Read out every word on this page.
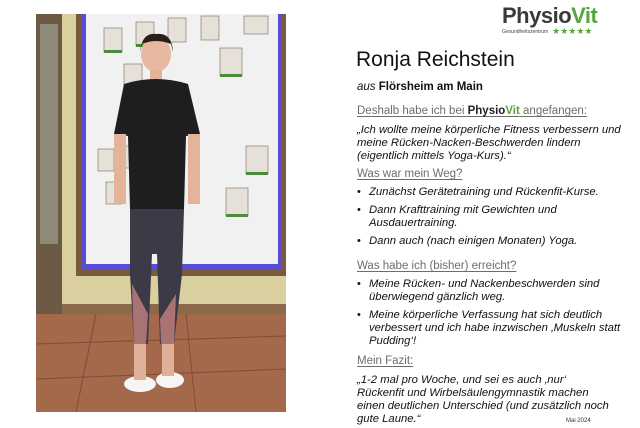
PhysioVit
Gesundheitszentrum ★★★★★
Ronja Reichstein
aus Flörsheim am Main
Deshalb habe ich bei PhysioVit angefangen:
„Ich wollte meine körperliche Fitness verbessern und meine Rücken-Nacken-Beschwerden lindern (eigentlich mittels Yoga-Kurs).“
Was war mein Weg?
• Zunächst Gerätetraining und Rückenfit-Kurse.
• Dann Krafttraining mit Gewichten und Ausdauertraining.
• Dann auch (nach einigen Monaten) Yoga.
Was habe ich (bisher) erreicht?
• Meine Rücken- und Nackenbeschwerden sind überwiegend gänzlich weg.
• Meine körperliche Verfassung hat sich deutlich verbessert und ich habe inzwischen ‚Muskeln statt Pudding‘!
Mein Fazit:
„1-2 mal pro Woche, und sei es auch ‚nur‘ Rückenfit und Wirbelsäulengymnastik machen einen deutlichen Unterschied (und zusätzlich noch gute Laune.“	Mai 2024
